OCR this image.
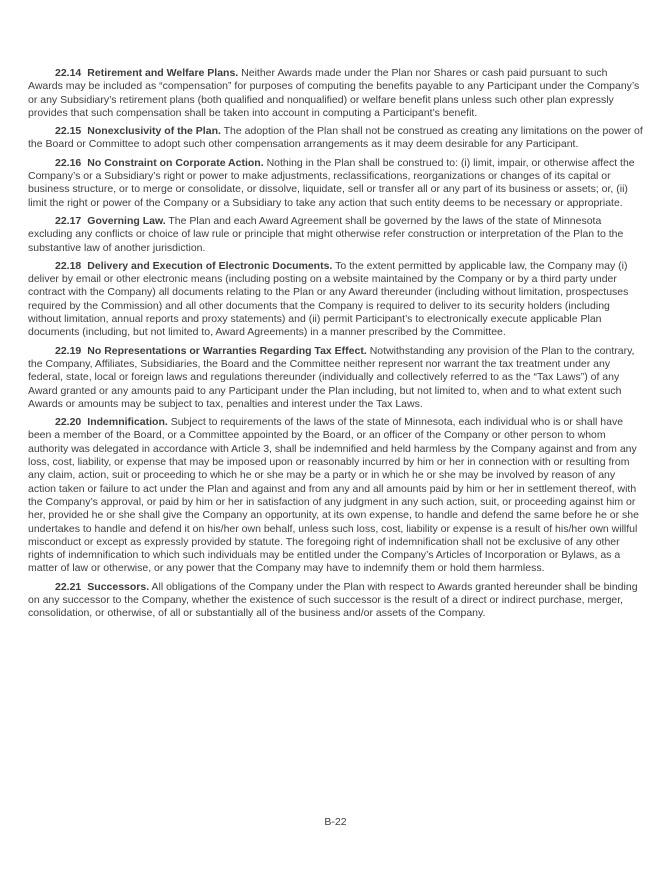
22.14 Retirement and Welfare Plans. Neither Awards made under the Plan nor Shares or cash paid pursuant to such Awards may be included as “compensation” for purposes of computing the benefits payable to any Participant under the Company’s or any Subsidiary’s retirement plans (both qualified and nonqualified) or welfare benefit plans unless such other plan expressly provides that such compensation shall be taken into account in computing a Participant’s benefit.

22.15 Nonexclusivity of the Plan. The adoption of the Plan shall not be construed as creating any limitations on the power of the Board or Committee to adopt such other compensation arrangements as it may deem desirable for any Participant.

22.16 No Constraint on Corporate Action. Nothing in the Plan shall be construed to: (i) limit, impair, or otherwise affect the Company’s or a Subsidiary’s right or power to make adjustments, reclassifications, reorganizations or changes of its capital or business structure, or to merge or consolidate, or dissolve, liquidate, sell or transfer all or any part of its business or assets; or, (ii) limit the right or power of the Company or a Subsidiary to take any action that such entity deems to be necessary or appropriate.

22.17 Governing Law. The Plan and each Award Agreement shall be governed by the laws of the state of Minnesota excluding any conflicts or choice of law rule or principle that might otherwise refer construction or interpretation of the Plan to the substantive law of another jurisdiction.

22.18 Delivery and Execution of Electronic Documents. To the extent permitted by applicable law, the Company may (i) deliver by email or other electronic means (including posting on a website maintained by the Company or by a third party under contract with the Company) all documents relating to the Plan or any Award thereunder (including without limitation, prospectuses required by the Commission) and all other documents that the Company is required to deliver to its security holders (including without limitation, annual reports and proxy statements) and (ii) permit Participant’s to electronically execute applicable Plan documents (including, but not limited to, Award Agreements) in a manner prescribed by the Committee.

22.19 No Representations or Warranties Regarding Tax Effect. Notwithstanding any provision of the Plan to the contrary, the Company, Affiliates, Subsidiaries, the Board and the Committee neither represent nor warrant the tax treatment under any federal, state, local or foreign laws and regulations thereunder (individually and collectively referred to as the “Tax Laws”) of any Award granted or any amounts paid to any Participant under the Plan including, but not limited to, when and to what extent such Awards or amounts may be subject to tax, penalties and interest under the Tax Laws.

22.20 Indemnification. Subject to requirements of the laws of the state of Minnesota, each individual who is or shall have been a member of the Board, or a Committee appointed by the Board, or an officer of the Company or other person to whom authority was delegated in accordance with Article 3, shall be indemnified and held harmless by the Company against and from any loss, cost, liability, or expense that may be imposed upon or reasonably incurred by him or her in connection with or resulting from any claim, action, suit or proceeding to which he or she may be a party or in which he or she may be involved by reason of any action taken or failure to act under the Plan and against and from any and all amounts paid by him or her in settlement thereof, with the Company’s approval, or paid by him or her in satisfaction of any judgment in any such action, suit, or proceeding against him or her, provided he or she shall give the Company an opportunity, at its own expense, to handle and defend the same before he or she undertakes to handle and defend it on his/her own behalf, unless such loss, cost, liability or expense is a result of his/her own willful misconduct or except as expressly provided by statute. The foregoing right of indemnification shall not be exclusive of any other rights of indemnification to which such individuals may be entitled under the Company’s Articles of Incorporation or Bylaws, as a matter of law or otherwise, or any power that the Company may have to indemnify them or hold them harmless.

22.21 Successors. All obligations of the Company under the Plan with respect to Awards granted hereunder shall be binding on any successor to the Company, whether the existence of such successor is the result of a direct or indirect purchase, merger, consolidation, or otherwise, of all or substantially all of the business and/or assets of the Company.

B-22
